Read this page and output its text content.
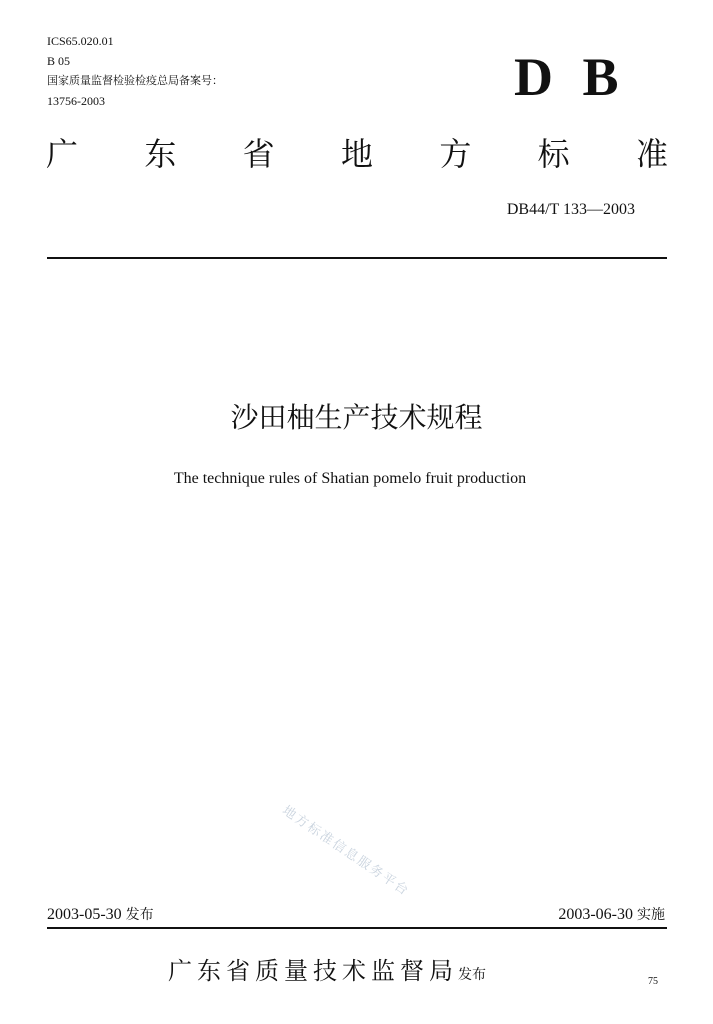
ICS65.020.01
B 05
国家质量监督检验检疫总局备案号：
13756-2003	D B
广 东 省 地 方 标 准
DB44/T 133—2003
沙田柚生产技术规程
The technique rules of Shatian pomelo fruit production
地方标准信息服务平台
2003-05-30 发布	2003-06-30 实施
广东省质量技术监督局发布	75
